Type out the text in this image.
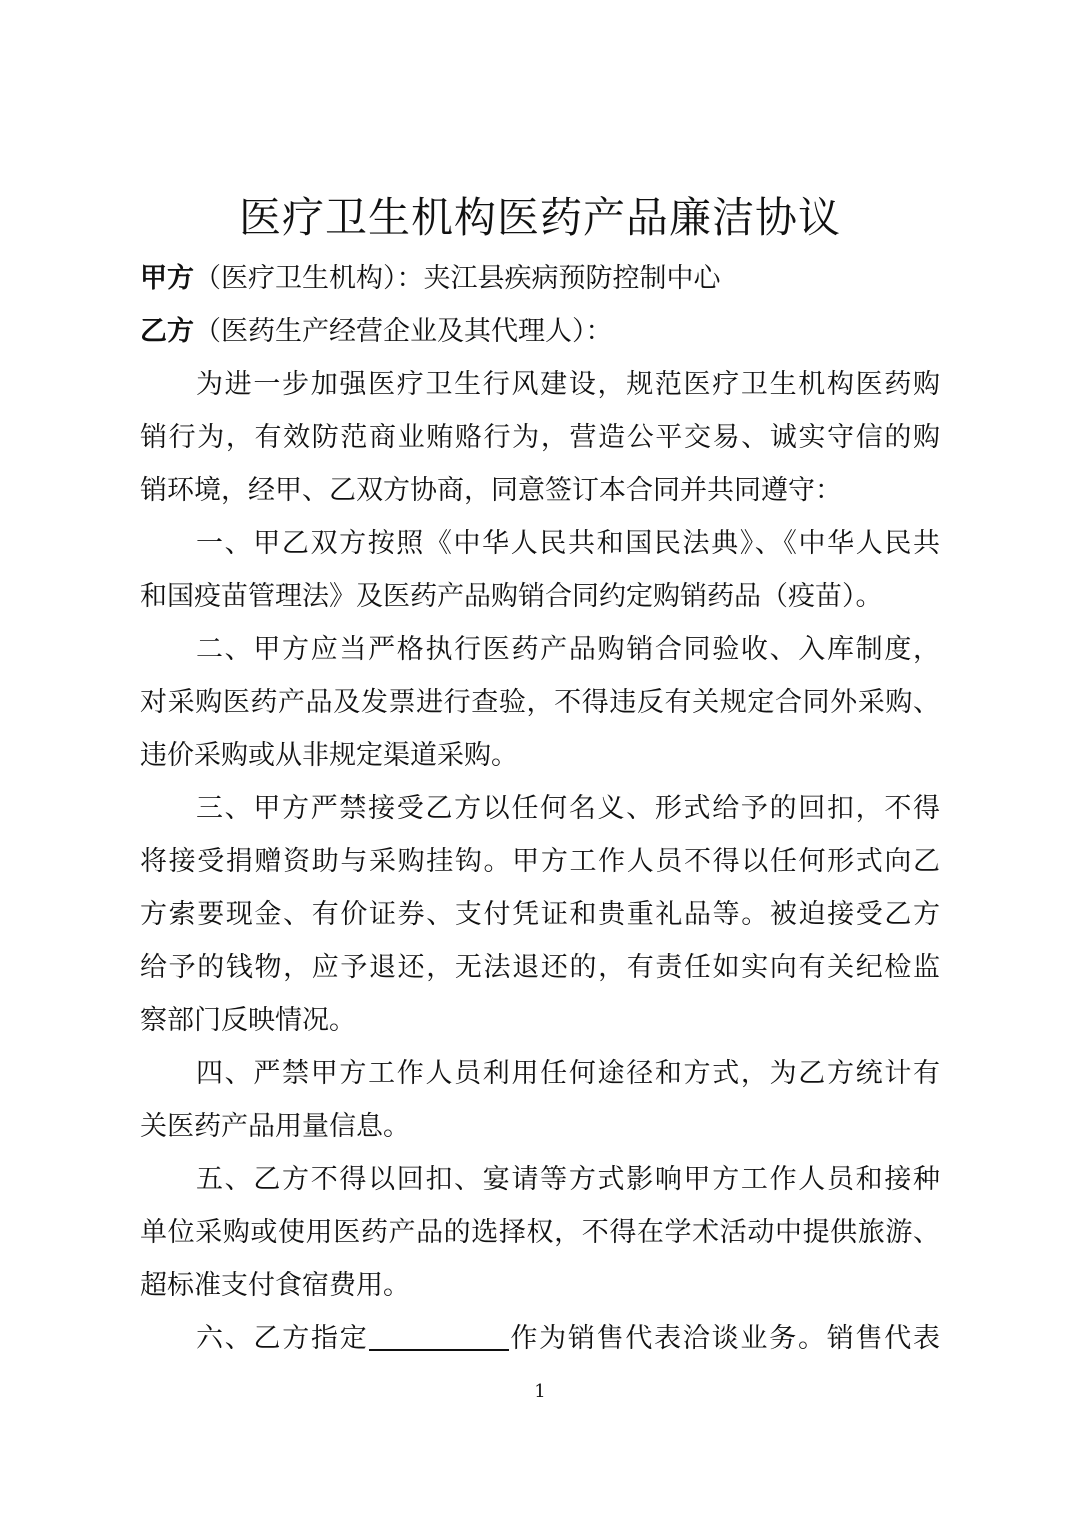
医疗卫生机构医药产品廉洁协议
甲方（医疗卫生机构）：夹江县疾病预防控制中心
乙方（医药生产经营企业及其代理人）：
为进一步加强医疗卫生行风建设，规范医疗卫生机构医药购
销行为，有效防范商业贿赂行为，营造公平交易、诚实守信的购
销环境，经甲、乙双方协商，同意签订本合同并共同遵守：
一、甲乙双方按照《中华人民共和国民法典》、《中华人民共
和国疫苗管理法》及医药产品购销合同约定购销药品（疫苗）。
二、甲方应当严格执行医药产品购销合同验收、入库制度，
对采购医药产品及发票进行查验，不得违反有关规定合同外采购、
违价采购或从非规定渠道采购。
三、甲方严禁接受乙方以任何名义、形式给予的回扣，不得
将接受捐赠资助与采购挂钩。甲方工作人员不得以任何形式向乙
方索要现金、有价证券、支付凭证和贵重礼品等。被迫接受乙方
给予的钱物，应予退还，无法退还的，有责任如实向有关纪检监
察部门反映情况。
四、严禁甲方工作人员利用任何途径和方式，为乙方统计有
关医药产品用量信息。
五、乙方不得以回扣、宴请等方式影响甲方工作人员和接种
单位采购或使用医药产品的选择权，不得在学术活动中提供旅游、
超标准支付食宿费用。
六、乙方指定	作为销售代表洽谈业务。销售代表
1
